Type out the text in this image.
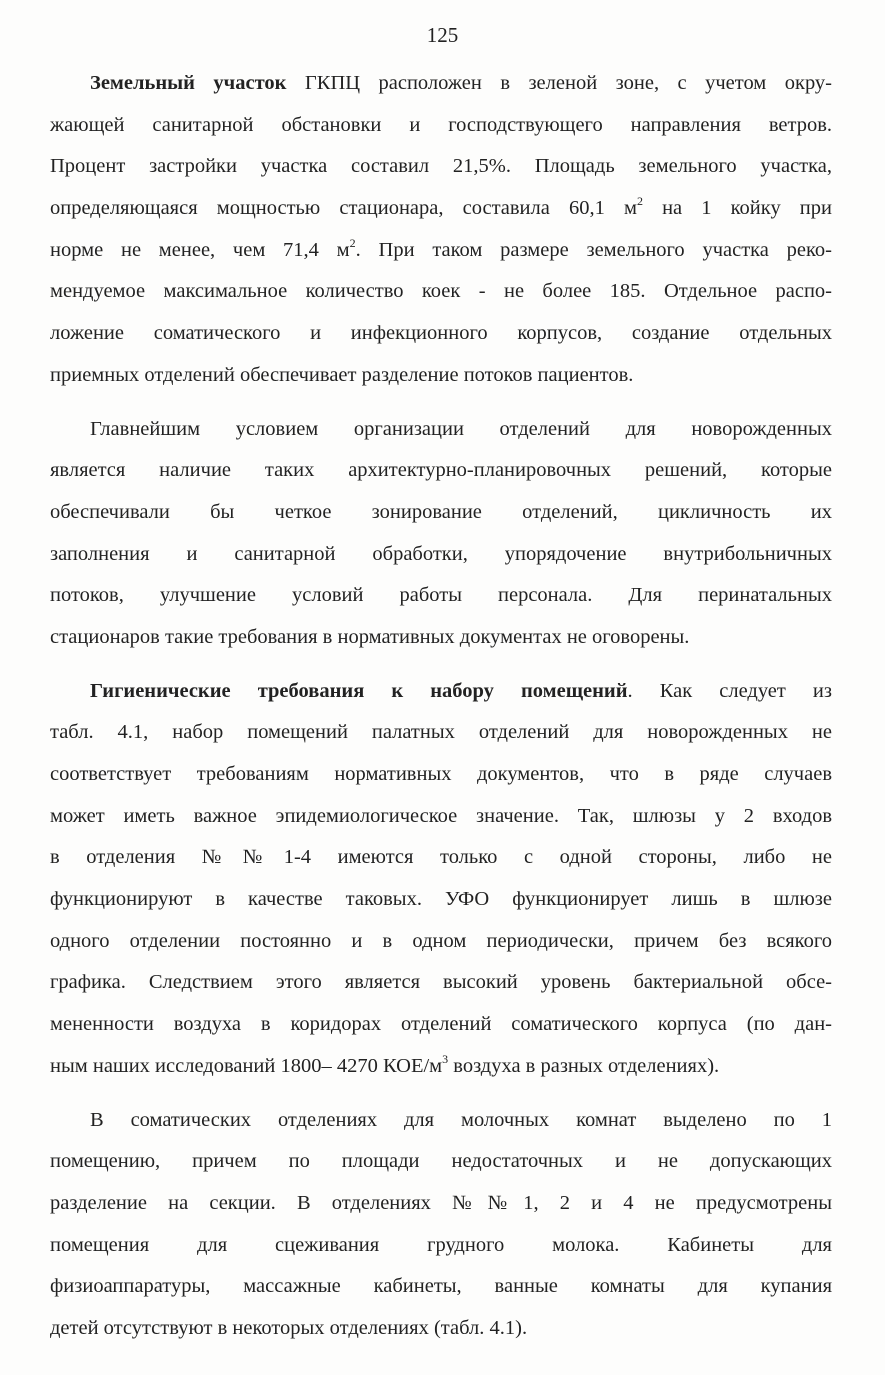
125
Земельный участок ГКПЦ расположен в зеленой зоне, с учетом окру-
жающей санитарной обстановки и господствующего направления ветров.
Процент застройки участка составил 21,5%. Площадь земельного участка,
определяющаяся мощностью стационара, составила 60,1 $м^2$ на 1 койку при
норме не менее, чем 71,4 $м^2$. При таком размере земельного участка реко-
мендуемое максимальное количество коек - не более 185. Отдельное распо-
ложение соматического и инфекционного корпусов, создание отдельных
приемных отделений обеспечивает разделение потоков пациентов.
Главнейшим условием организации отделений для новорожденных
является наличие таких архитектурно-планировочных решений, которые
обеспечивали бы четкое зонирование отделений, цикличность их
заполнения и санитарной обработки, упорядочение внутрибольничных
потоков, улучшение условий работы персонала. Для перинатальных
стационаров такие требования в нормативных документах не оговорены.
Гигиенические требования к набору помещений. Как следует из
табл. 4.1, набор помещений палатных отделений для новорожденных не
соответствует требованиям нормативных документов, что в ряде случаев
может иметь важное эпидемиологическое значение. Так, шлюзы у 2 входов
в отделения №№1-4 имеются только с одной стороны, либо не
функционируют в качестве таковых. УФО функционирует лишь в шлюзе
одного отделении постоянно и в одном периодически, причем без всякого
графика. Следствием этого является высокий уровень бактериальной обсе-
мененности воздуха в коридорах отделений соматического корпуса (по дан-
ным наших исследований 1800– 4270 КОЕ/$м^3$ воздуха в разных отделениях).
В соматических отделениях для молочных комнат выделено по 1
помещению, причем по площади недостаточных и не допускающих
разделение на секции. В отделениях №№1, 2 и 4 не предусмотрены
помещения для сцеживания грудного молока. Кабинеты для
физиоаппаратуры, массажные кабинеты, ванные комнаты для купания
детей отсутствуют в некоторых отделениях (табл. 4.1).
